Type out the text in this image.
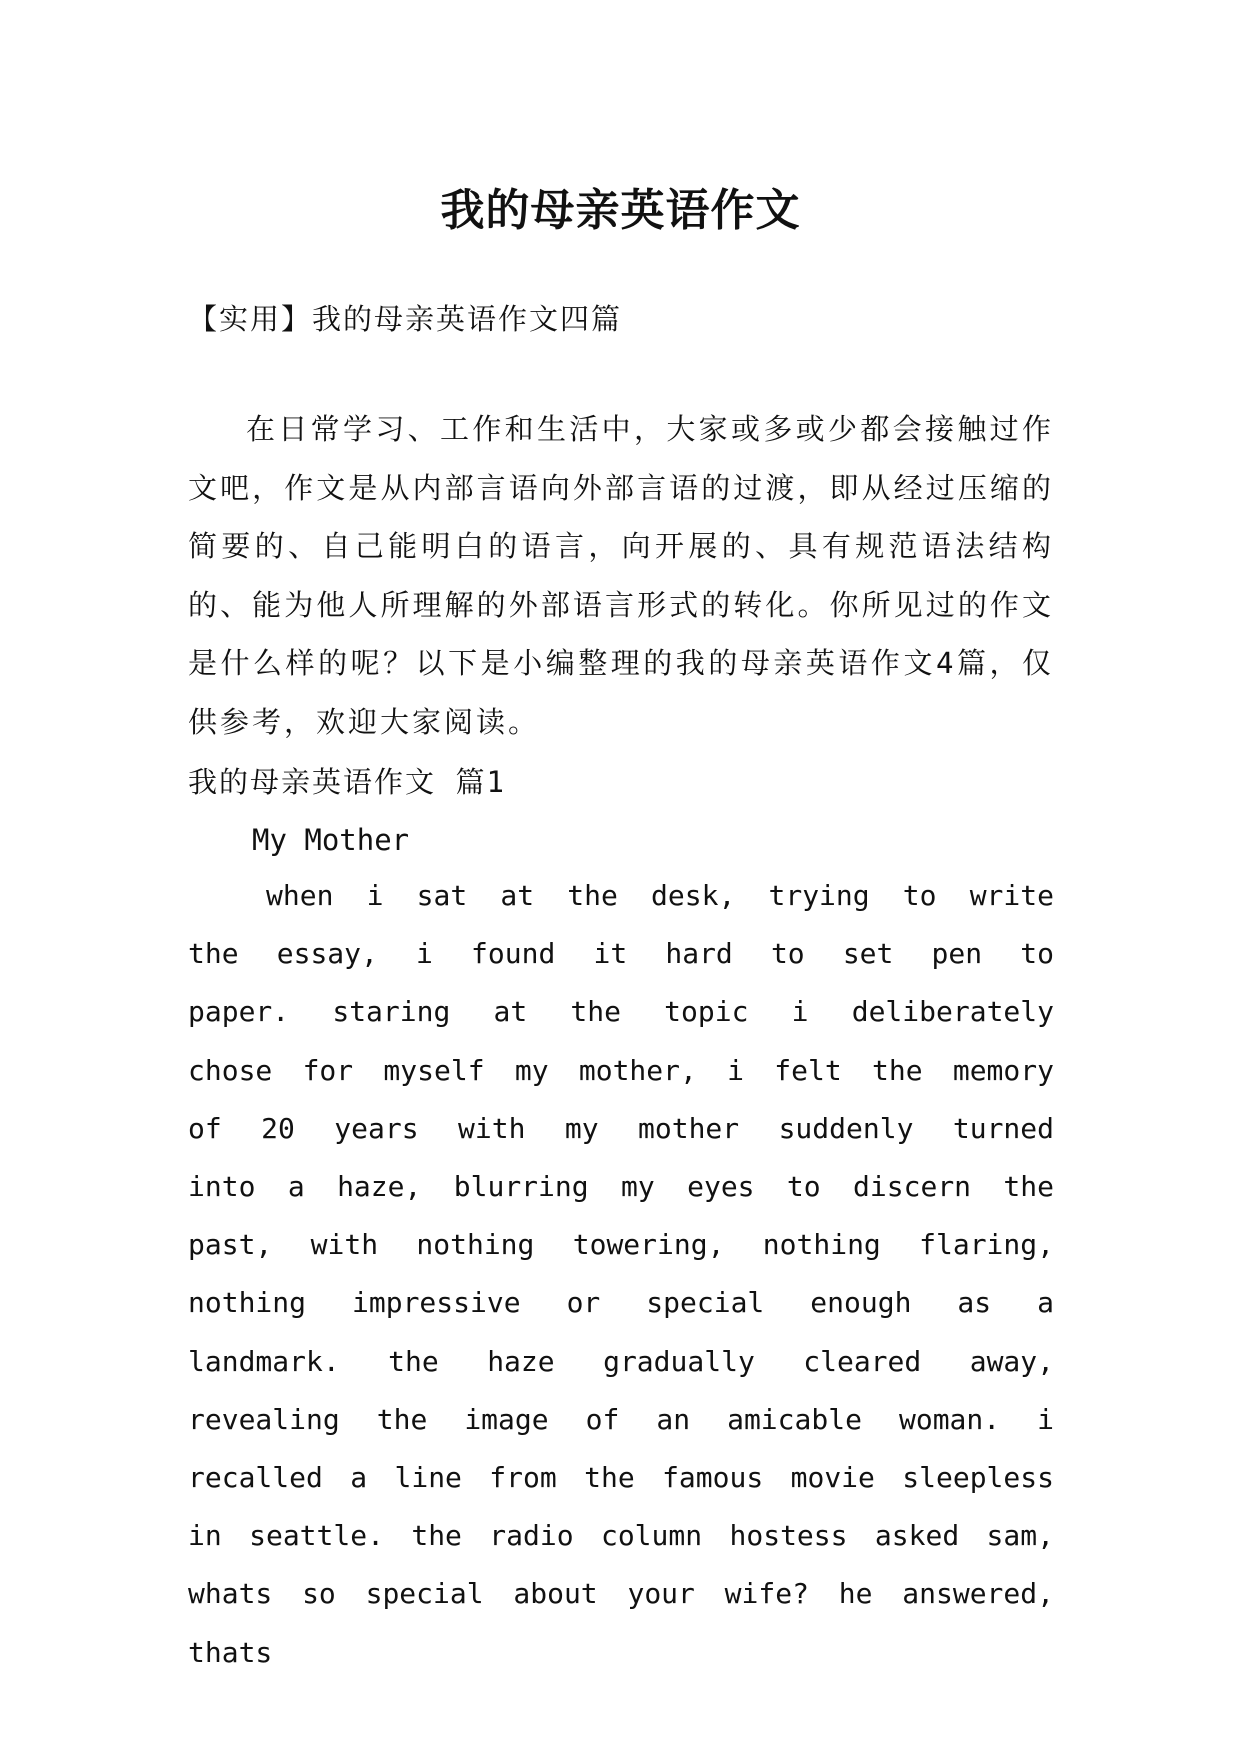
我的母亲英语作文
【实用】我的母亲英语作文四篇

在日常学习、工作和生活中，大家或多或少都会接触过作文吧，作文是从内部言语向外部言语的过渡，即从经过压缩的简要的、自己能明白的语言，向开展的、具有规范语法结构的、能为他人所理解的外部语言形式的转化。你所见过的作文是什么样的呢？以下是小编整理的我的母亲英语作文4篇，仅供参考，欢迎大家阅读。

我的母亲英语作文 篇1
My Mother

when i sat at the desk, trying to write the essay, i found it hard to set pen to paper. staring at the topic i deliberately chose for myself my mother, i felt the memory of 20 years with my mother suddenly turned into a haze, blurring my eyes to discern the past, with nothing towering, nothing flaring, nothing impressive or special enough as a landmark. the haze gradually cleared away, revealing the image of an amicable woman. i recalled a line from the famous movie sleepless in seattle. the radio column hostess asked sam, whats so special about your wife? he answered, thats
